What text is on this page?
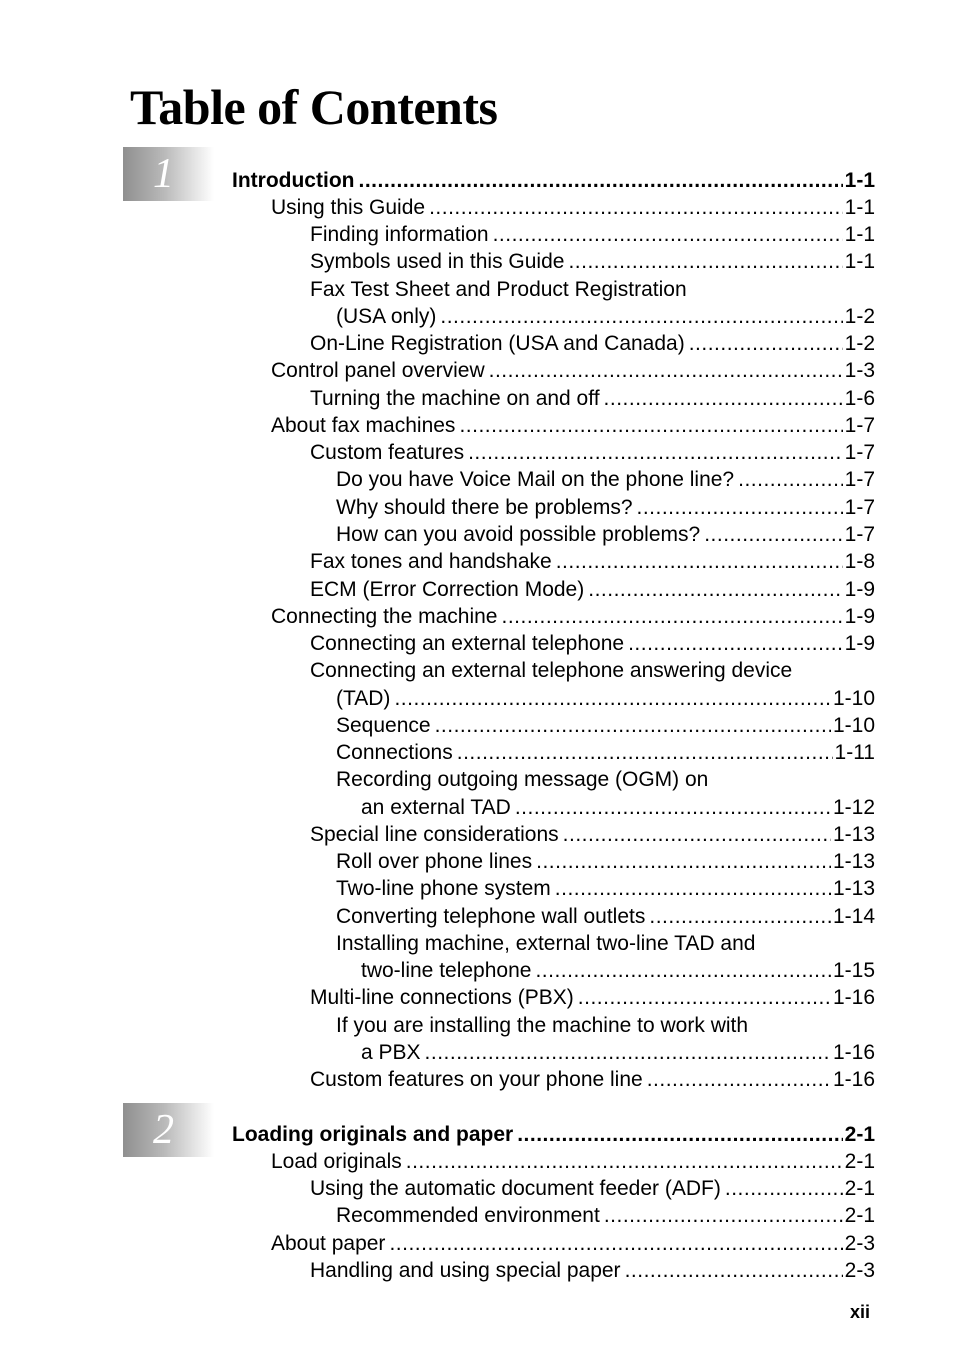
Table of Contents
1
2
Introduction .....	1-1
Using this Guide .....	1-1
Finding information .....	1-1
Symbols used in this Guide .....	1-1
Fax Test Sheet and Product Registration
(USA only) .....	1-2
On-Line Registration (USA and Canada) .....	1-2
Control panel overview .....	1-3
Turning the machine on and off .....	1-6
About fax machines .....	1-7
Custom features .....	1-7
Do you have Voice Mail on the phone line? .....	1-7
Why should there be problems? .....	1-7
How can you avoid possible problems? .....	1-7
Fax tones and handshake .....	1-8
ECM (Error Correction Mode) .....	1-9
Connecting the machine .....	1-9
Connecting an external telephone .....	1-9
Connecting an external telephone answering device
(TAD) .....	1-10
Sequence .....	1-10
Connections .....	1-11
Recording outgoing message (OGM) on
an external TAD .....	1-12
Special line considerations .....	1-13
Roll over phone lines .....	1-13
Two-line phone system .....	1-13
Converting telephone wall outlets .....	1-14
Installing machine, external two-line TAD and
two-line telephone .....	1-15
Multi-line connections (PBX) .....	1-16
If you are installing the machine to work with
a PBX .....	1-16
Custom features on your phone line .....	1-16
Loading originals and paper .....	2-1
Load originals .....	2-1
Using the automatic document feeder (ADF) .....	2-1
Recommended environment .....	2-1
About paper .....	2-3
Handling and using special paper .....	2-3
xii
